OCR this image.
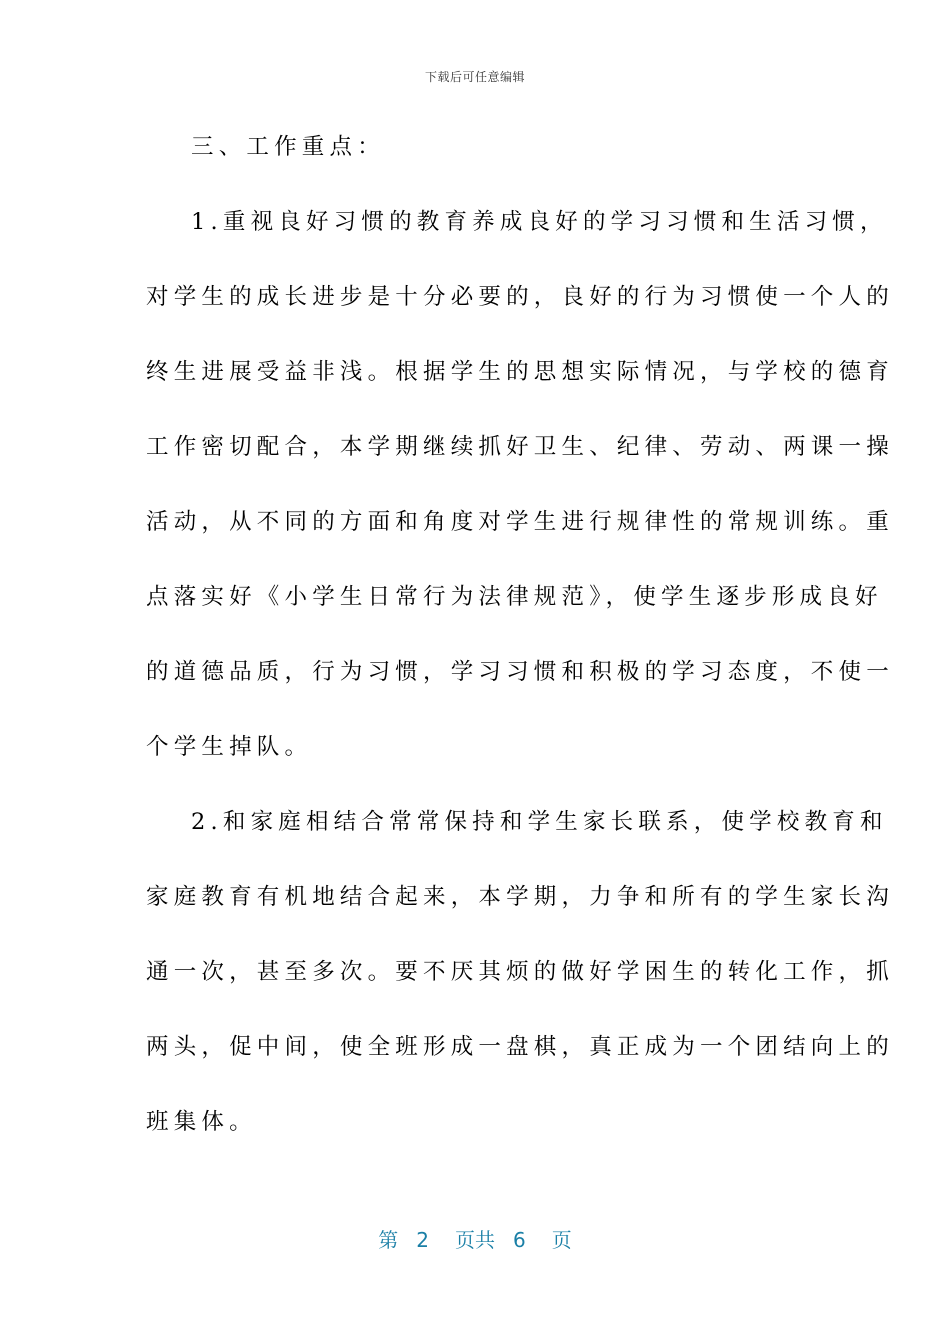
下载后可任意编辑
三、工作重点：
1.重视良好习惯的教育养成良好的学习习惯和生活习惯，
对学生的成长进步是十分必要的，良好的行为习惯使一个人的
终生进展受益非浅。根据学生的思想实际情况，与学校的德育
工作密切配合，本学期继续抓好卫生、纪律、劳动、两课一操
活动，从不同的方面和角度对学生进行规律性的常规训练。重
点落实好《小学生日常行为法律规范》，使学生逐步形成良好
的道德品质，行为习惯，学习习惯和积极的学习态度，不使一
个学生掉队。
2.和家庭相结合常常保持和学生家长联系，使学校教育和
家庭教育有机地结合起来，本学期，力争和所有的学生家长沟
通一次，甚至多次。要不厌其烦的做好学困生的转化工作，抓
两头，促中间，使全班形成一盘棋，真正成为一个团结向上的
班集体。
第 2 页共 6 页
